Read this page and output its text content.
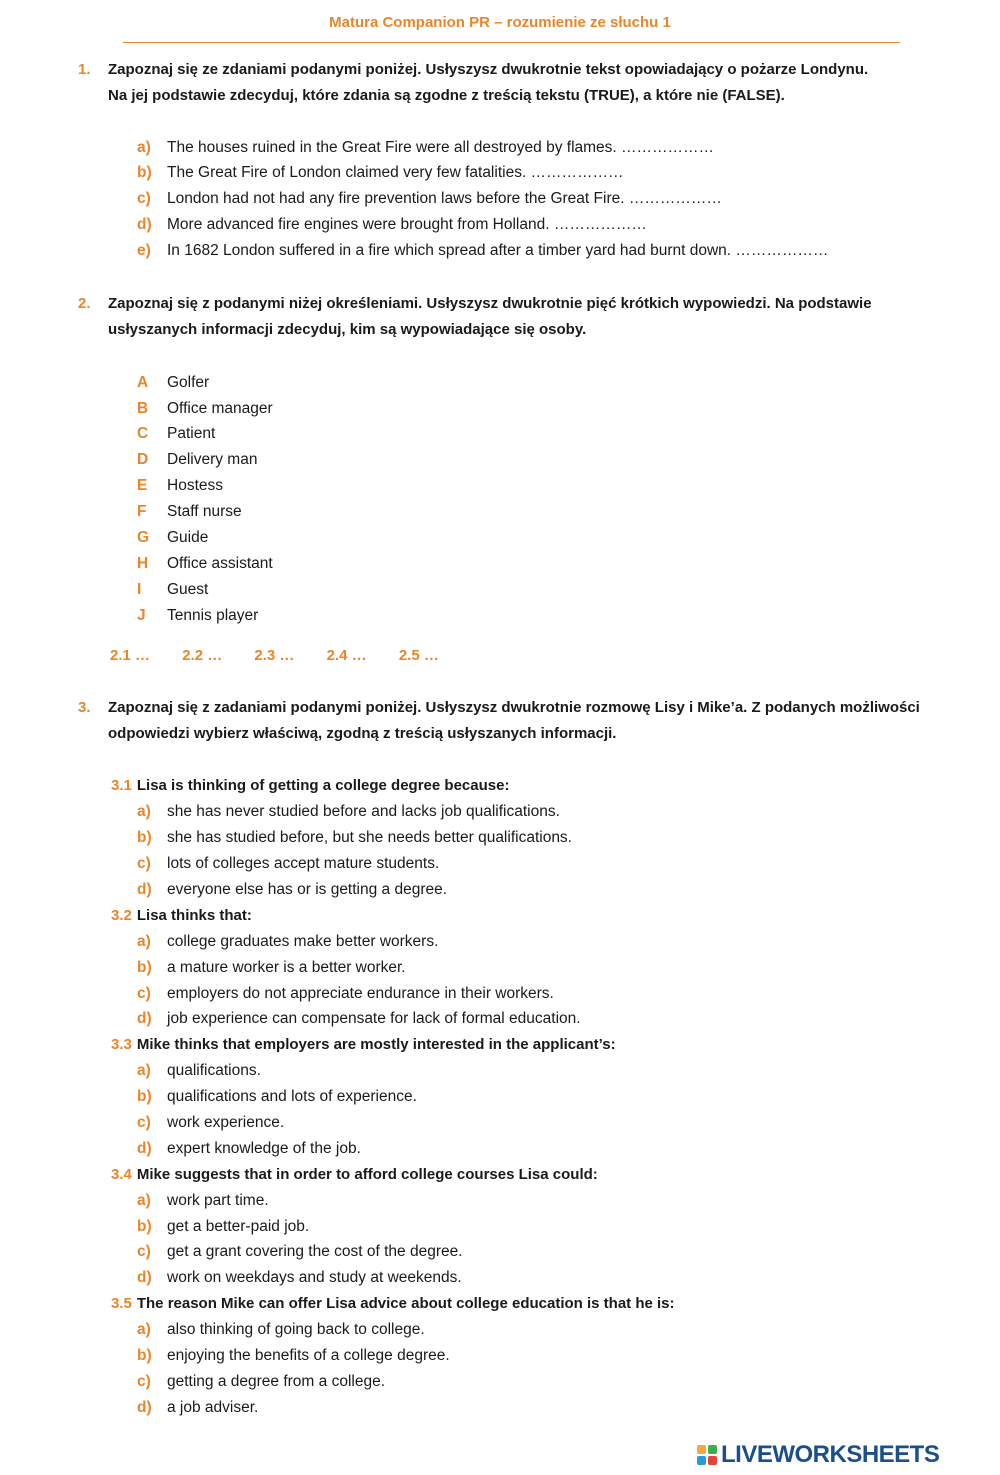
Matura Companion PR – rozumienie ze słuchu 1
1. Zapoznaj się ze zdaniami podanymi poniżej. Usłyszysz dwukrotnie tekst opowiadający o pożarze Londynu.
Na jej podstawie zdecyduj, które zdania są zgodne z treścią tekstu (TRUE), a które nie (FALSE).
a) The houses ruined in the Great Fire were all destroyed by flames. ………………
b) The Great Fire of London claimed very few fatalities. ………………
c) London had not had any fire prevention laws before the Great Fire. ………………
d) More advanced fire engines were brought from Holland. ………………
e) In 1682 London suffered in a fire which spread after a timber yard had burnt down. ………………
2. Zapoznaj się z podanymi niżej określeniami. Usłyszysz dwukrotnie pięć krótkich wypowiedzi. Na podstawie
usłyszanych informacji zdecyduj, kim są wypowiadające się osoby.
A Golfer
B Office manager
C Patient
D Delivery man
E Hostess
F Staff nurse
G Guide
H Office assistant
I Guest
J Tennis player
2.1 … 2.2 … 2.3 … 2.4 … 2.5 …
3. Zapoznaj się z zadaniami podanymi poniżej. Usłyszysz dwukrotnie rozmowę Lisy i Mike’a. Z podanych możliwości
odpowiedzi wybierz właściwą, zgodną z treścią usłyszanych informacji.
3.1 Lisa is thinking of getting a college degree because:
a) she has never studied before and lacks job qualifications.
b) she has studied before, but she needs better qualifications.
c) lots of colleges accept mature students.
d) everyone else has or is getting a degree.
3.2 Lisa thinks that:
a) college graduates make better workers.
b) a mature worker is a better worker.
c) employers do not appreciate endurance in their workers.
d) job experience can compensate for lack of formal education.
3.3 Mike thinks that employers are mostly interested in the applicant’s:
a) qualifications.
b) qualifications and lots of experience.
c) work experience.
d) expert knowledge of the job.
3.4 Mike suggests that in order to afford college courses Lisa could:
a) work part time.
b) get a better-paid job.
c) get a grant covering the cost of the degree.
d) work on weekdays and study at weekends.
3.5 The reason Mike can offer Lisa advice about college education is that he is:
a) also thinking of going back to college.
b) enjoying the benefits of a college degree.
c) getting a degree from a college.
d) a job adviser.
LIVEWORKSHEETS
